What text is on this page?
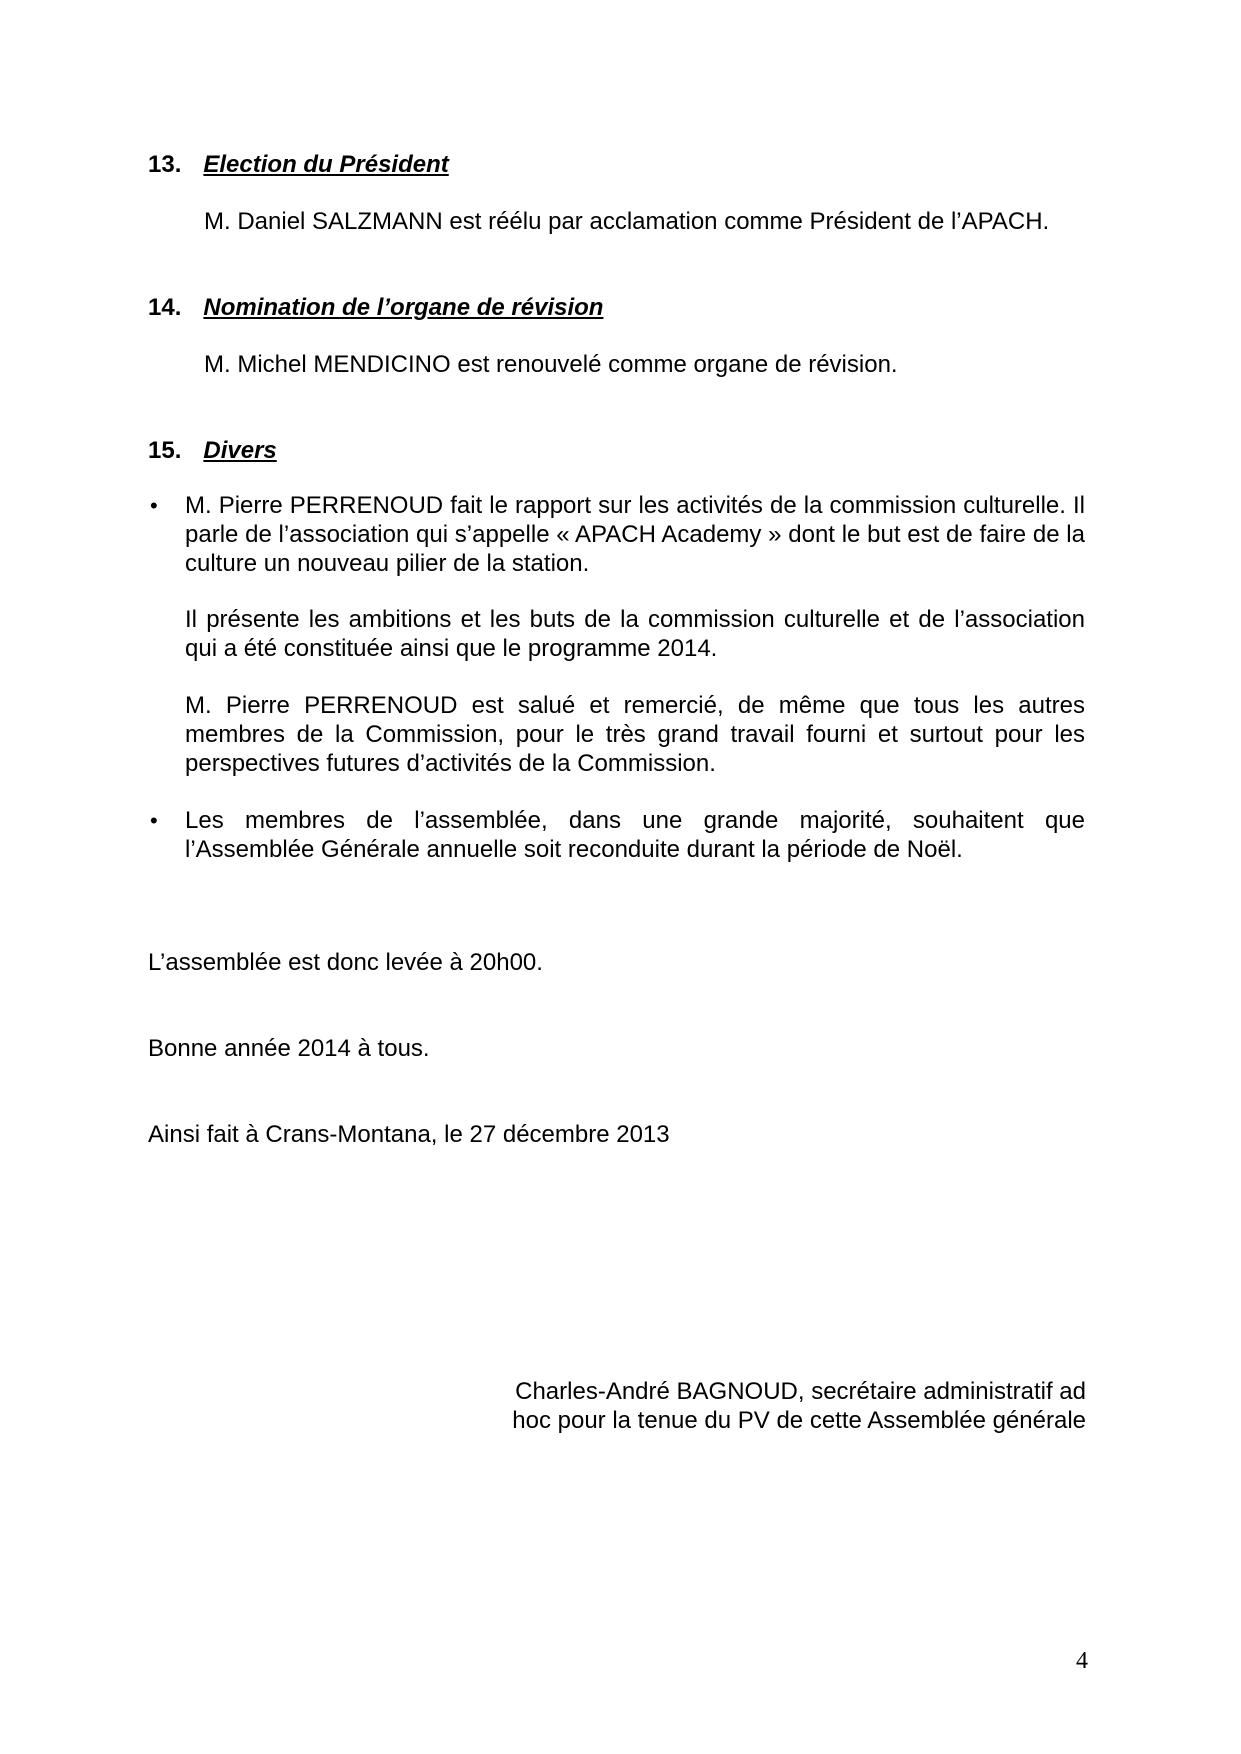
13. Election du Président

M. Daniel SALZMANN est réélu par acclamation comme Président de l’APACH.

14. Nomination de l’organe de révision

M. Michel MENDICINO est renouvelé comme organe de révision.

15. Divers
• M. Pierre PERRENOUD fait le rapport sur les activités de la commission culturelle. Il parle de l’association qui s’appelle « APACH Academy » dont le but est de faire de la culture un nouveau pilier de la station.

Il présente les ambitions et les buts de la commission culturelle et de l’association qui a été constituée ainsi que le programme 2014.

M. Pierre PERRENOUD est salué et remercié, de même que tous les autres membres de la Commission, pour le très grand travail fourni et surtout pour les perspectives futures d’activités de la Commission.

• Les membres de l’assemblée, dans une grande majorité, souhaitent que l’Assemblée Générale annuelle soit reconduite durant la période de Noël.

L’assemblée est donc levée à 20h00.

Bonne année 2014 à tous.

Ainsi fait à Crans-Montana, le 27 décembre 2013

Charles-André BAGNOUD, secrétaire administratif ad
hoc pour la tenue du PV de cette Assemblée générale
4
